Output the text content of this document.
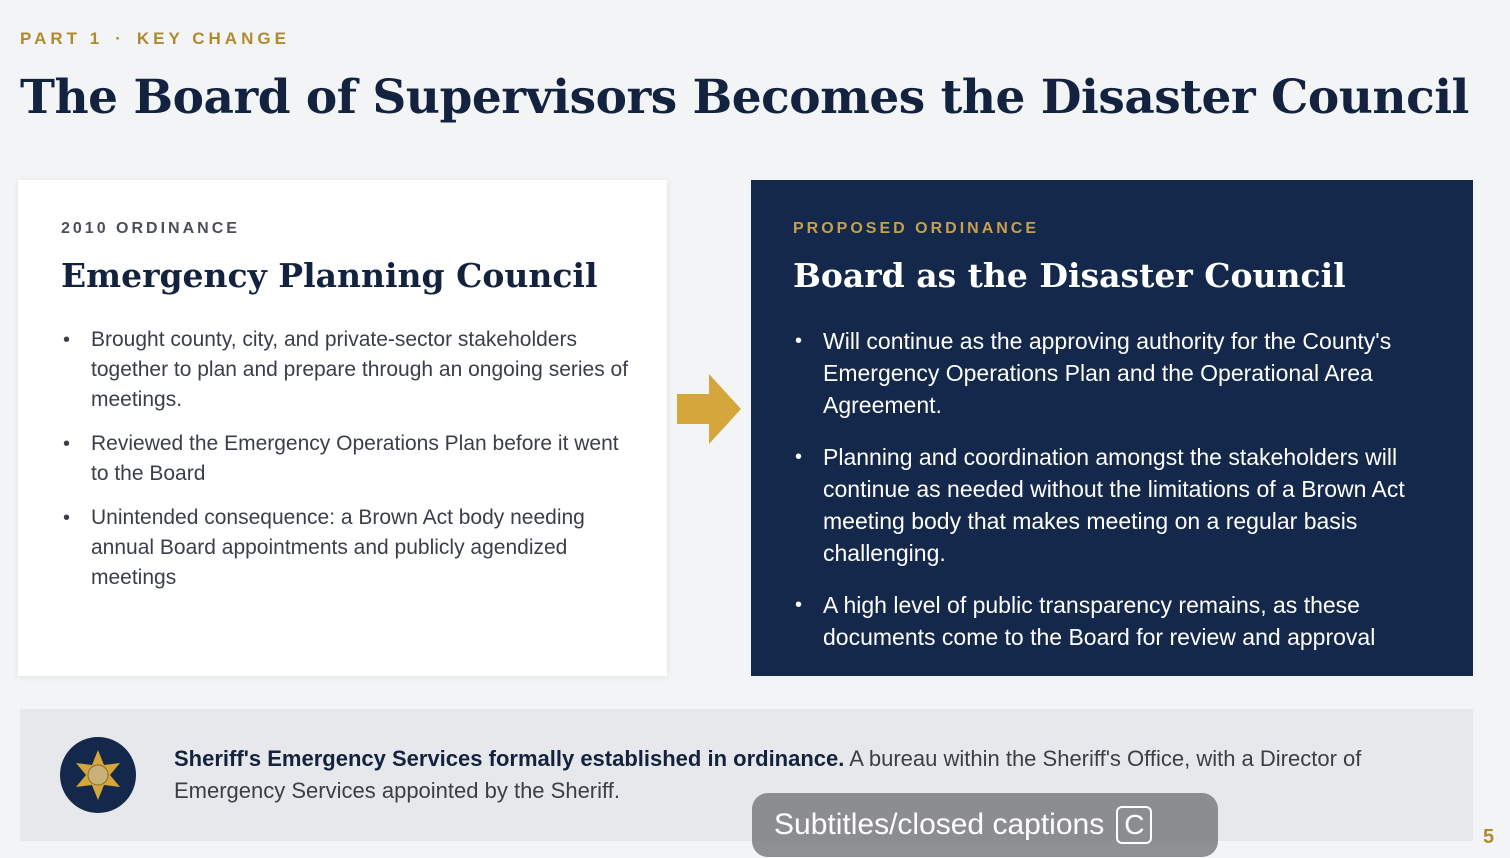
PART 1 · KEY CHANGE
The Board of Supervisors Becomes the Disaster Council
2010 ORDINANCE
Emergency Planning Council
• Brought county, city, and private-sector stakeholders together to plan and prepare through an ongoing series of meetings.
• Reviewed the Emergency Operations Plan before it went to the Board
• Unintended consequence: a Brown Act body needing annual Board appointments and publicly agendized meetings
PROPOSED ORDINANCE
Board as the Disaster Council
• Will continue as the approving authority for the County's Emergency Operations Plan and the Operational Area Agreement.
• Planning and coordination amongst the stakeholders will continue as needed without the limitations of a Brown Act meeting body that makes meeting on a regular basis challenging.
• A high level of public transparency remains, as these documents come to the Board for review and approval
Sheriff's Emergency Services formally established in ordinance. A bureau within the Sheriff's Office, with a Director of Emergency Services appointed by the Sheriff.
Subtitles/closed captions C	5
